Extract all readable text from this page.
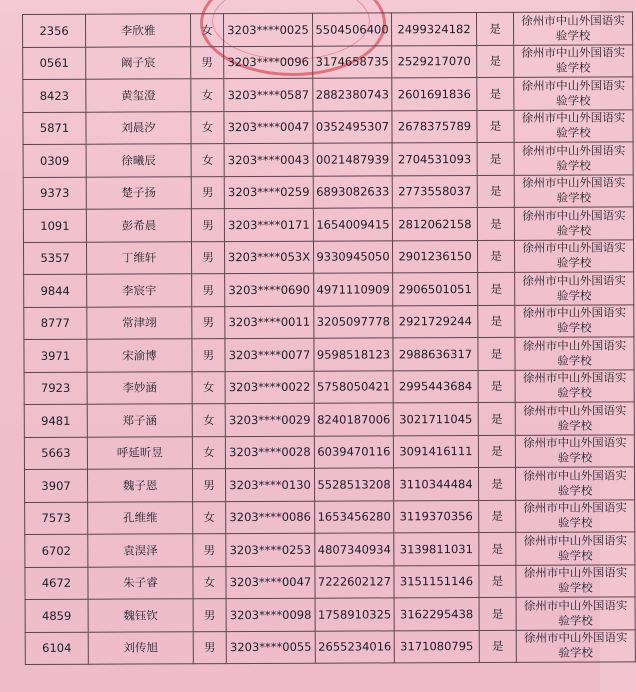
2356	李欣雅	女	3203****0025	5504506400	2499324182	是	徐州市中山外国语实验学校
0561	阚子宸	男	3203****0096	3174658735	2529217070	是	徐州市中山外国语实验学校
8423	黄玺澄	女	3203****0587	2882380743	2601691836	是	徐州市中山外国语实验学校
5871	刘晨汐	女	3203****0047	0352495307	2678375789	是	徐州市中山外国语实验学校
0309	徐曦辰	女	3203****0043	0021487939	2704531093	是	徐州市中山外国语实验学校
9373	楚子扬	男	3203****0259	6893082633	2773558037	是	徐州市中山外国语实验学校
1091	彭希晨	男	3203****0171	1654009415	2812062158	是	徐州市中山外国语实验学校
5357	丁维轩	男	3203****053X	9330945050	2901236150	是	徐州市中山外国语实验学校
9844	李宸宇	男	3203****0690	4971110909	2906501051	是	徐州市中山外国语实验学校
8777	常津翊	男	3203****0011	3205097778	2921729244	是	徐州市中山外国语实验学校
3971	宋渝博	男	3203****0077	9598518123	2988636317	是	徐州市中山外国语实验学校
7923	李妙涵	女	3203****0022	5758050421	2995443684	是	徐州市中山外国语实验学校
9481	郑子涵	女	3203****0029	8240187006	3021711045	是	徐州市中山外国语实验学校
5663	呼延昕昱	女	3203****0028	6039470116	3091416111	是	徐州市中山外国语实验学校
3907	魏子恩	男	3203****0130	5528513208	3110344484	是	徐州市中山外国语实验学校
7573	孔维维	女	3203****0086	1653456280	3119370356	是	徐州市中山外国语实验学校
6702	袁淏泽	男	3203****0253	4807340934	3139811031	是	徐州市中山外国语实验学校
4672	朱子睿	女	3203****0047	7222602127	3151151146	是	徐州市中山外国语实验学校
4859	魏钰钦	男	3203****0098	1758910325	3162295438	是	徐州市中山外国语实验学校
6104	刘传旭	男	3203****0055	2655234016	3171080795	是	徐州市中山外国语实验学校
